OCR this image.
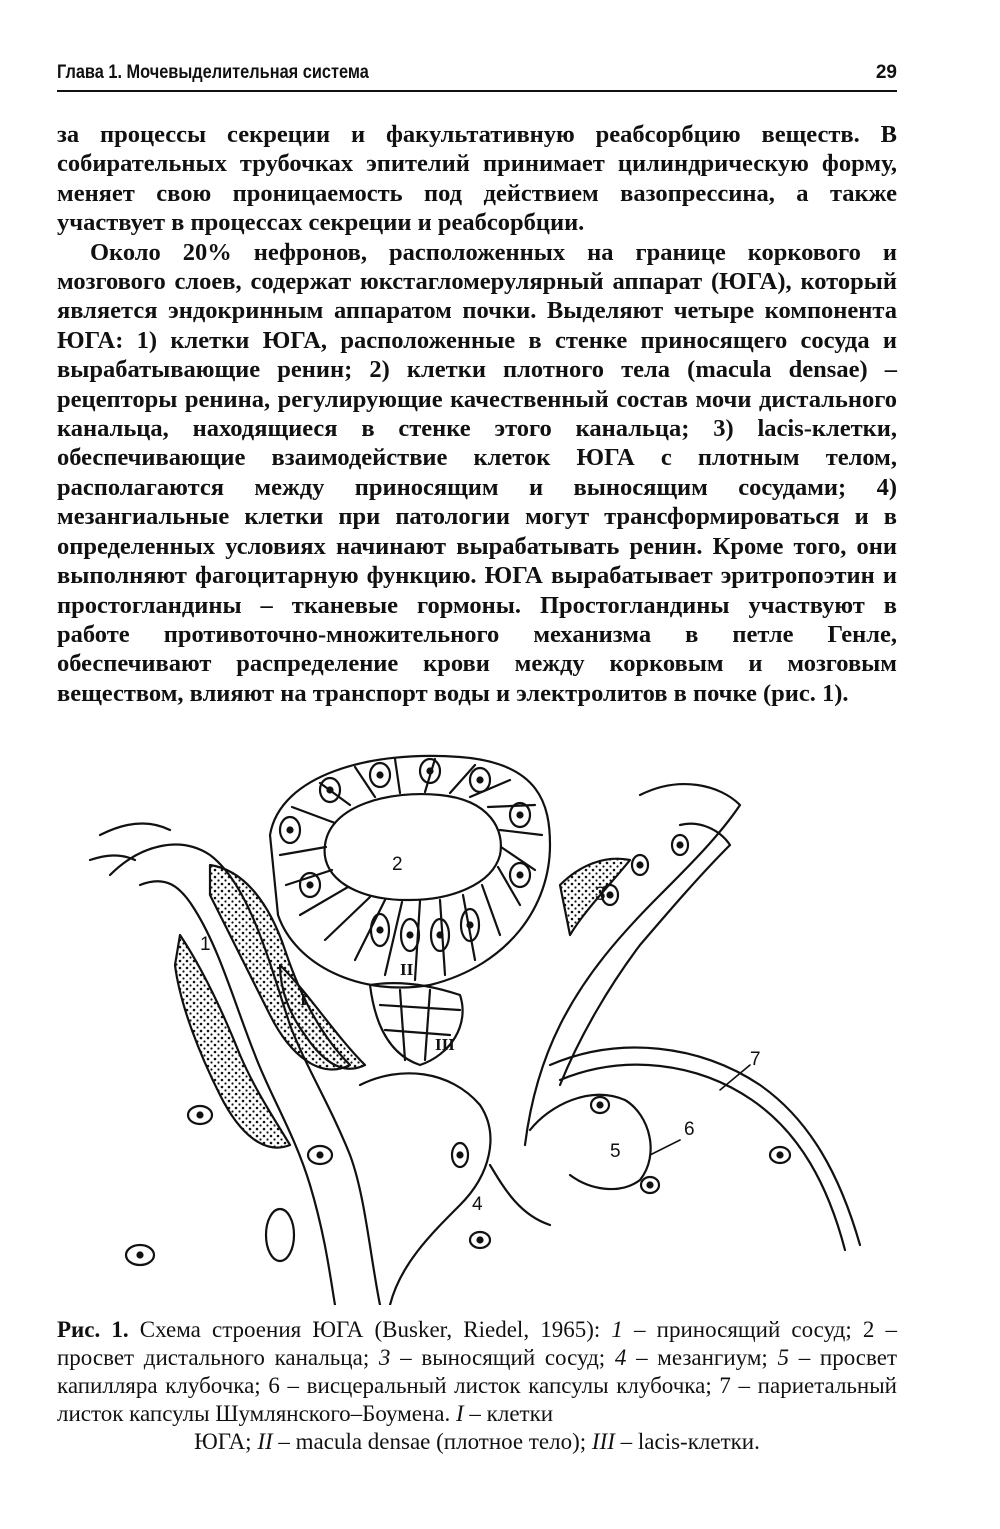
Глава 1. Мочевыделительная система	29

за процессы секреции и факультативную реабсорбцию веществ. В собирательных трубочках эпителий принимает цилиндрическую форму, меняет свою проницаемость под действием вазопрессина, а также участвует в процессах секреции и реабсорбции.

Около 20% нефронов, расположенных на границе коркового и мозгового слоев, содержат юкстагломерулярный аппарат (ЮГА), который является эндокринным аппаратом почки. Выделяют четыре компонента ЮГА: 1) клетки ЮГА, расположенные в стенке приносящего сосуда и вырабатывающие ренин; 2) клетки плотного тела (macula densae) – рецепторы ренина, регулирующие качественный состав мочи дистального канальца, находящиеся в стенке этого канальца; 3) lacis-клетки, обеспечивающие взаимодействие клеток ЮГА с плотным телом, располагаются между приносящим и выносящим сосудами; 4) мезангиальные клетки при патологии могут трансформироваться и в определенных условиях начинают вырабатывать ренин. Кроме того, они выполняют фагоцитарную функцию. ЮГА вырабатывает эритропоэтин и простогландины – тканевые гормоны. Простогландины участвуют в работе противоточно-множительного механизма в петле Генле, обеспечивают распределение крови между корковым и мозговым веществом, влияют на транспорт воды и электролитов в почке (рис. 1).

2
1
3
4
5
6
7
I
II
III
Рис. 1. Схема строения ЮГА (Busker, Riedel, 1965): 1 – приносящий сосуд; 2 – просвет дистального канальца; 3 – выносящий сосуд; 4 – мезангиум; 5 – просвет капилляра клубочка; 6 – висцеральный листок капсулы клубочка; 7 – париетальный листок капсулы Шумлянского–Боумена. I – клетки
ЮГА; II – macula densae (плотное тело); III – lacis-клетки.
